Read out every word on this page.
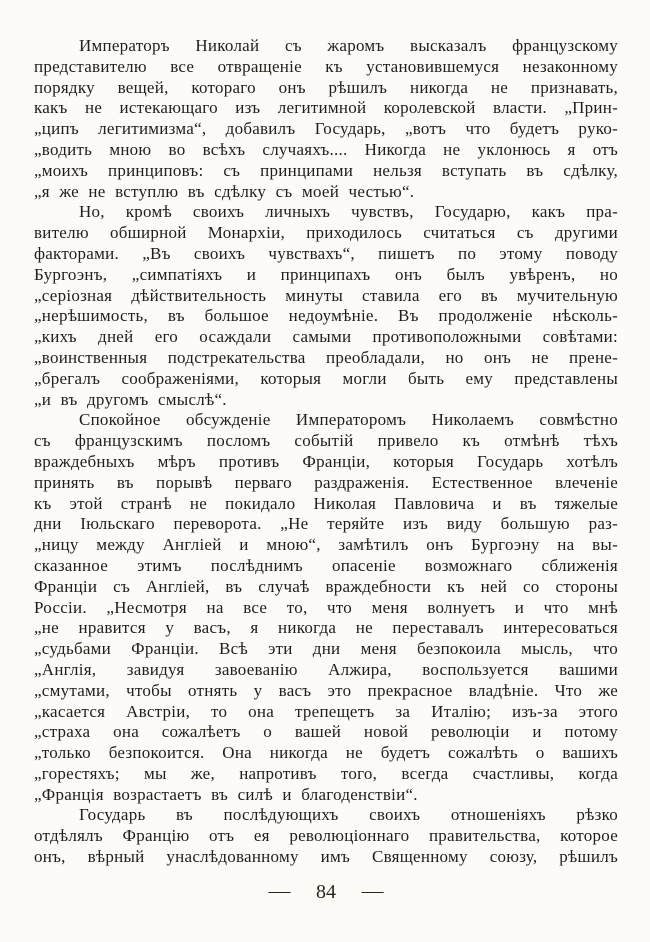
Императоръ Николай съ жаромъ высказалъ французскому
представителю все отвращеніе къ установившемуся незаконному
порядку вещей, котораго онъ рѣшилъ никогда не признавать,
какъ не истекающаго изъ легитимной королевской власти. „Прин-
„ципъ легитимизма“, добавилъ Государь, „вотъ что будетъ руко-
„водить мною во всѣхъ случаяхъ.... Никогда не уклонюсь я отъ
„моихъ принциповъ: съ принципами нельзя вступать въ сдѣлку,
„я же не вступлю въ сдѣлку съ моей честью“.
Но, кромѣ своихъ личныхъ чувствъ, Государю, какъ пра-
вителю обширной Монархіи, приходилось считаться съ другими
факторами. „Въ своихъ чувствахъ“, пишетъ по этому поводу
Бургоэнъ, „симпатіяхъ и принципахъ онъ былъ увѣренъ, но
„серіозная дѣйствительность минуты ставила его въ мучительную
„нерѣшимость, въ большое недоумѣніе. Въ продолженіе нѣсколь-
„кихъ дней его осаждали самыми противоположными совѣтами:
„воинственныя подстрекательства преобладали, но онъ не прене-
„брегалъ соображеніями, которыя могли быть ему представлены
„и въ другомъ смыслѣ“.
Спокойное обсужденіе Императоромъ Николаемъ совмѣстно
съ французскимъ посломъ событій привело къ отмѣнѣ тѣхъ
враждебныхъ мѣръ противъ Франціи, которыя Государь хотѣлъ
принять въ порывѣ перваго раздраженія. Естественное влеченіе
къ этой странѣ не покидало Николая Павловича и въ тяжелые
дни Іюльскаго переворота. „Не теряйте изъ виду большую раз-
„ницу между Англіей и мною“, замѣтилъ онъ Бургоэну на вы-
сказанное этимъ послѣднимъ опасеніе возможнаго сближенія
Франціи съ Англіей, въ случаѣ враждебности къ ней со стороны
Россіи. „Несмотря на все то, что меня волнуетъ и что мнѣ
„не нравится у васъ, я никогда не переставалъ интересоваться
„судьбами Франціи. Всѣ эти дни меня безпокоила мысль, что
„Англія, завидуя завоеванію Алжира, воспользуется вашими
„смутами, чтобы отнять у васъ это прекрасное владѣніе. Что же
„касается Австріи, то она трепещетъ за Италію; изъ-за этого
„страха она сожалѣетъ о вашей новой революціи и потому
„только безпокоится. Она никогда не будетъ сожалѣть о вашихъ
„горестяхъ; мы же, напротивъ того, всегда счастливы, когда
„Франція возрастаетъ въ силѣ и благоденствіи“.
Государь въ послѣдующихъ своихъ отношеніяхъ рѣзко
отдѣлялъ Францію отъ ея революціоннаго правительства, которое
онъ, вѣрный унаслѣдованному имъ Священному союзу, рѣшилъ
— 84 —
